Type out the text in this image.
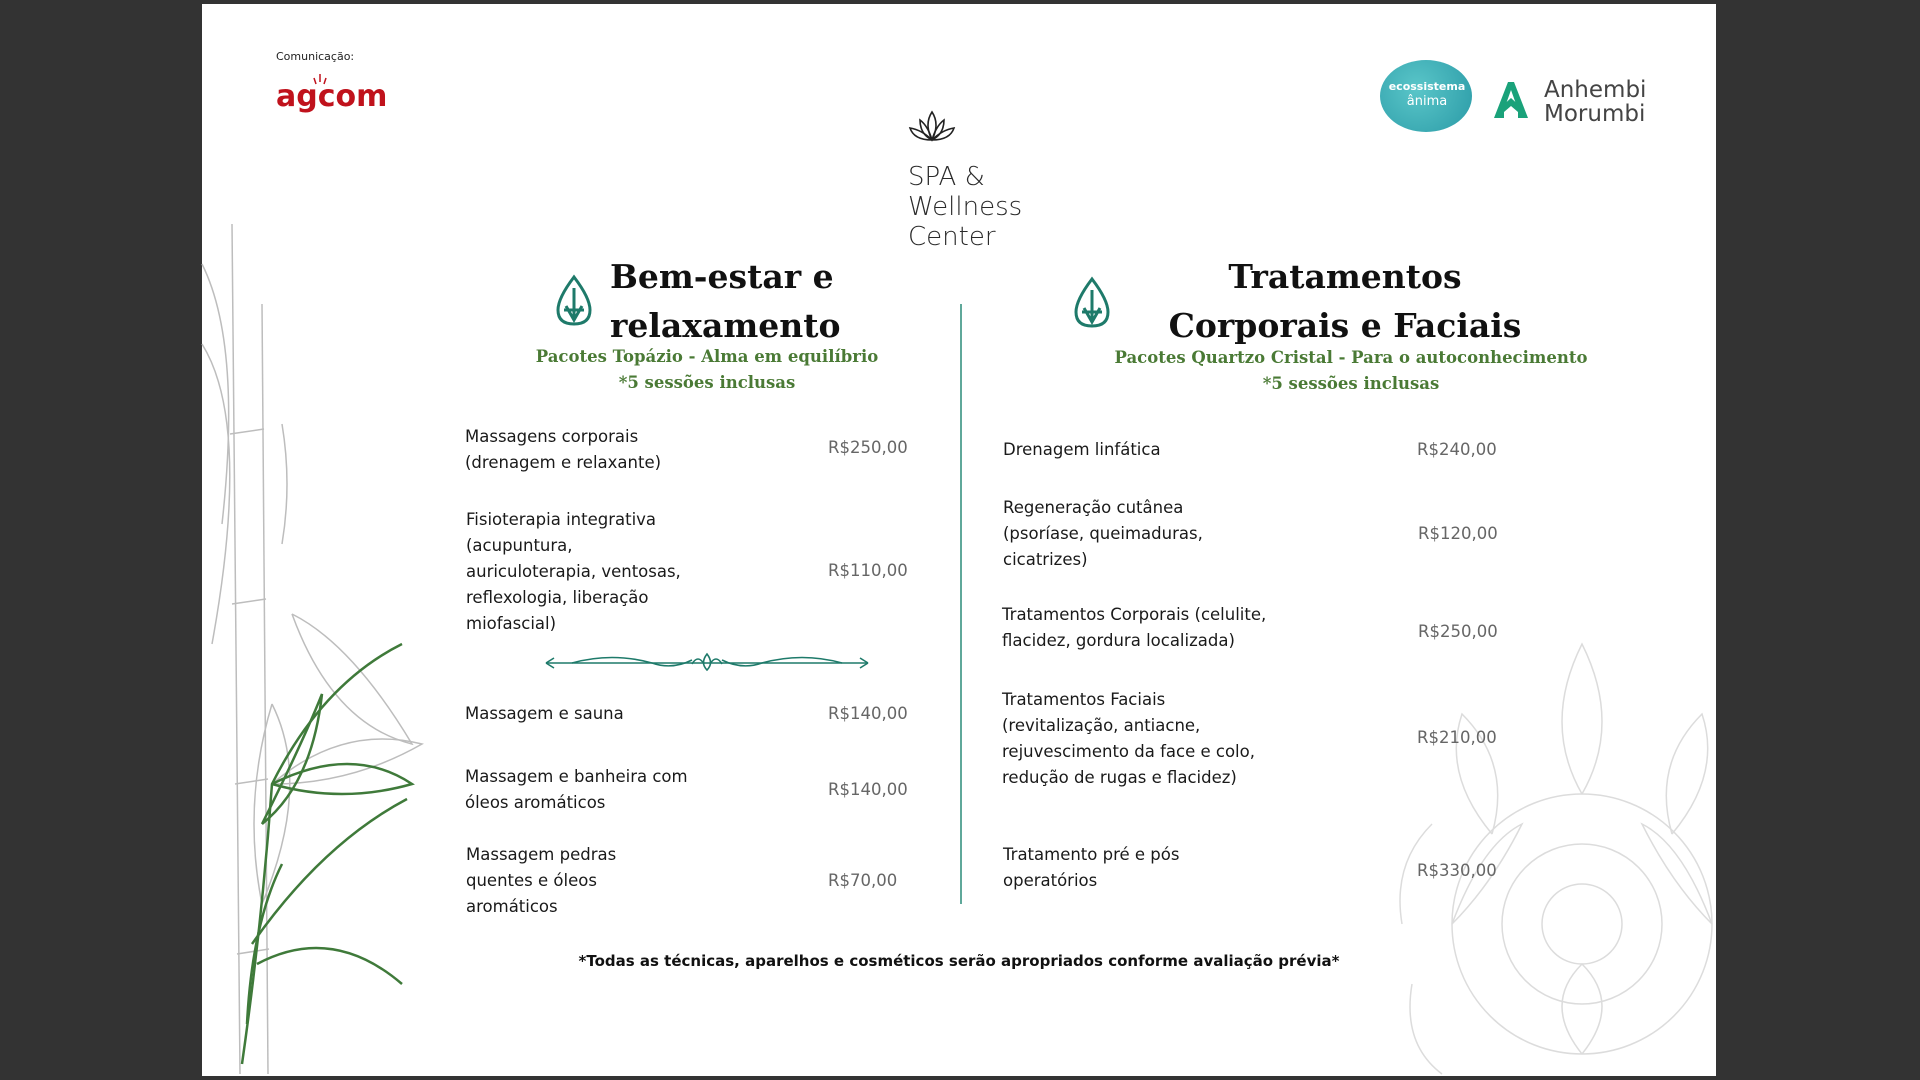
Comunicação:
agcom	ecossistema
ânima	Anhembi
Morumbi
SPA &
Wellness
Center
Bem-estar e
relaxamento
Pacotes Topázio - Alma em equilíbrio
*5 sessões inclusas
Massagens corporais
(drenagem e relaxante)
R$250,00
Fisioterapia integrativa
(acupuntura,
auriculoterapia, ventosas,
reflexologia, liberação
miofascial)
R$110,00
Massagem e sauna	R$140,00
Massagem e banheira com
óleos aromáticos
R$140,00
Massagem pedras
quentes e óleos
aromáticos
R$70,00
Tratamentos
Corporais e Faciais
Pacotes Quartzo Cristal - Para o autoconhecimento
*5 sessões inclusas
Drenagem linfática	R$240,00
Regeneração cutânea
(psoríase, queimaduras,
cicatrizes)
R$120,00
Tratamentos Corporais (celulite,
flacidez, gordura localizada)	R$250,00
Tratamentos Faciais
(revitalização, antiacne,
rejuvescimento da face e colo,
redução de rugas e flacidez)
R$210,00
Tratamento pré e pós
operatórios
R$330,00
*Todas as técnicas, aparelhos e cosméticos serão apropriados conforme avaliação prévia*
